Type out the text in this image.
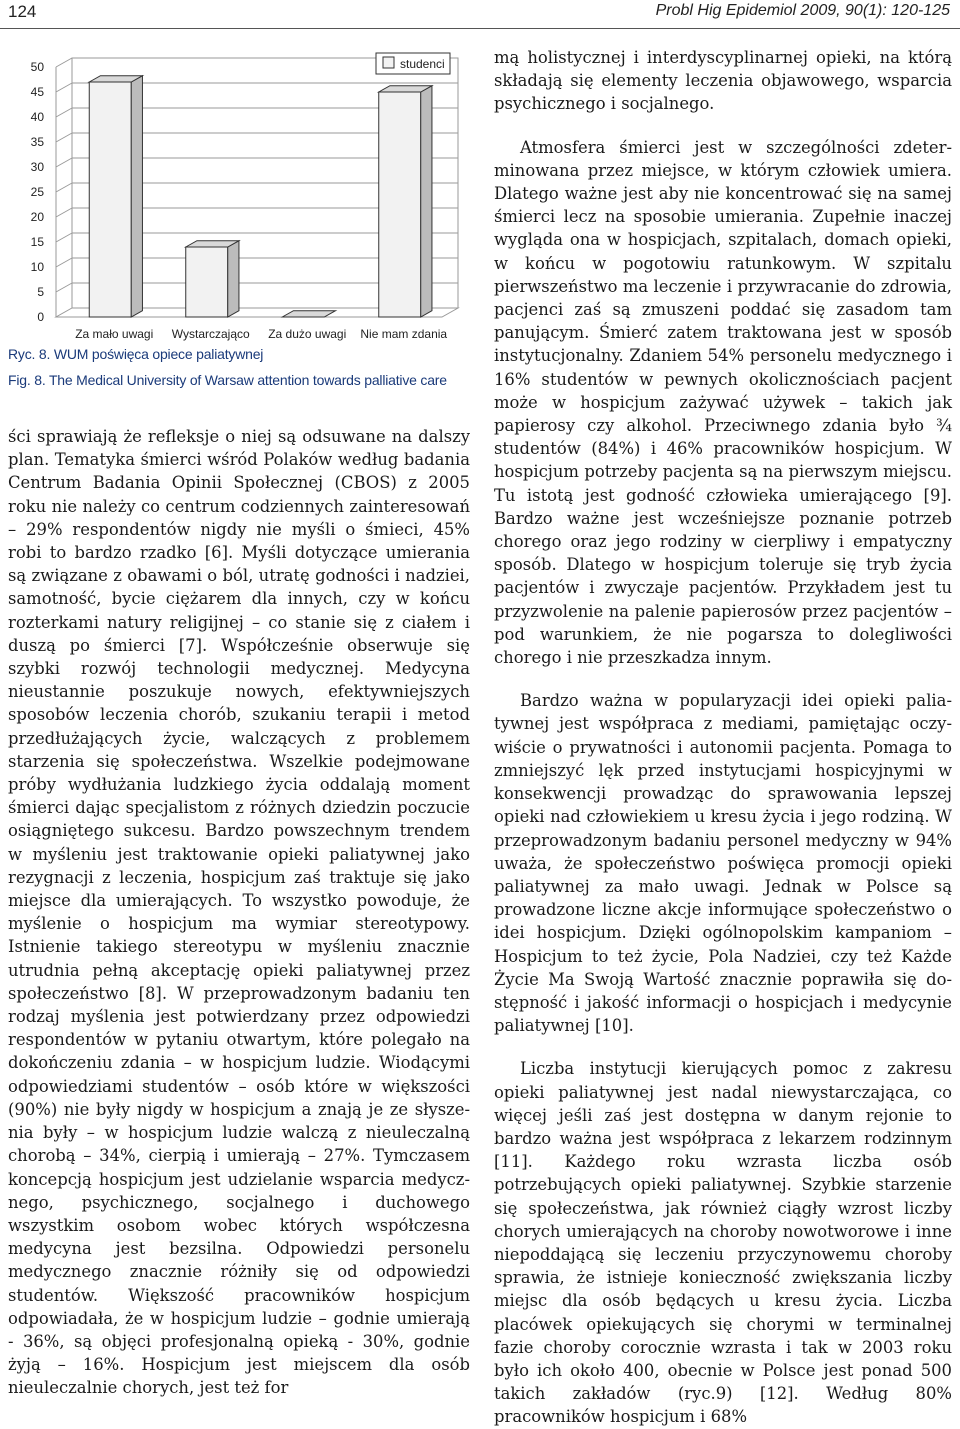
124	Probl Hig Epidemiol 2009, 90(1): 120-125
0
5
10
15
20
25
30
35
40
45
50
Za mało uwagi Wystarczająco Za dużo uwagi Nie mam zdania
studenci
Ryc. 8. WUM poświęca opiece paliatywnej
Fig. 8. The Medical University of Warsaw attention towards palliative care

ści sprawiają że refleksje o niej są odsuwane na dalszy plan. Tematyka śmierci wśród Polaków według badania Centrum Badania Opinii Społecznej (CBOS) z 2005 roku nie należy co centrum codziennych zainteresowań – 29% respondentów nigdy nie myśli o śmieci, 45% robi to bardzo rzadko [6]. Myśli dotyczące umierania są związane z obawami o ból, utratę godności i nadziei, samotność, bycie ciężarem dla innych, czy w końcu rozterkami natury religijnej – co stanie się z ciałem i duszą po śmierci [7]. Współcześnie obserwuje się szybki rozwój technologii medycznej. Medycyna nieustannie poszukuje nowych, efektywniejszych sposobów leczenia chorób, szukaniu terapii i metod przedłużających życie, walczących z problemem starzenia się społeczeństwa. Wszelkie podejmowane próby wydłużania ludzkiego życia oddalają moment śmierci dając specjalistom z różnych dziedzin poczucie osiągniętego sukcesu. Bardzo powszechnym trendem w myśleniu jest traktowanie opieki paliatywnej jako rezygnacji z leczenia, hospicjum zaś traktuje się jako miejsce dla umierających. To wszystko powoduje, że myślenie o hospicjum ma wymiar stereotypowy. Istnienie takiego stereotypu w myśleniu znacznie utrudnia pełną akceptację opieki paliatywnej przez społeczeństwo [8]. W przeprowadzonym badaniu ten rodzaj myślenia jest potwierdzany przez odpowiedzi respondentów w pytaniu otwartym, które polegało na dokończeniu zdania – w hospicjum ludzie. Wiodącymi odpowiedziami studentów – osób które w większości (90%) nie były nigdy w hospicjum a znają je ze słyszenia były – w hospicjum ludzie walczą z nieuleczalną chorobą – 34%, cierpią i umierają – 27%. Tymczasem koncepcją hospicjum jest udzielanie wsparcia medycznego, psychicznego, socjalnego i duchowego wszystkim osobom wobec których współczesna medycyna jest bezsilna. Odpowiedzi personelu medycznego znacznie różniły się od odpowiedzi studentów. Większość pracowników hospicjum odpowiadała, że w hospicjum ludzie – godnie umierają - 36%, są objęci profesjonalną opieką - 30%, godnie żyją – 16%. Hospicjum jest miejscem dla osób nieuleczalnie chorych, jest też for

mą holistycznej i interdyscyplinarnej opieki, na którą składają się elementy leczenia objawowego, wsparcia psychicznego i socjalnego.

Atmosfera śmierci jest w szczególności zdeterminowana przez miejsce, w którym człowiek umiera. Dlatego ważne jest aby nie koncentrować się na samej śmierci lecz na sposobie umierania. Zupełnie inaczej wygląda ona w hospicjach, szpitalach, domach opieki, w końcu w pogotowiu ratunkowym. W szpitalu pierwszeństwo ma leczenie i przywracanie do zdrowia, pacjenci zaś są zmuszeni poddać się zasadom tam panującym. Śmierć zatem traktowana jest w sposób instytucjonalny. Zdaniem 54% personelu medycznego i 16% studentów w pewnych okolicznościach pacjent może w hospicjum zażywać używek – takich jak papierosy czy alkohol. Przeciwnego zdania było ¾ studentów (84%) i 46% pracowników hospicjum. W hospicjum potrzeby pacjenta są na pierwszym miejscu. Tu istotą jest godność człowieka umierającego [9]. Bardzo ważne jest wcześniejsze poznanie potrzeb chorego oraz jego rodziny w cierpliwy i empatyczny sposób. Dlatego w hospicjum toleruje się tryb życia pacjentów i zwyczaje pacjentów. Przykładem jest tu przyzwolenie na palenie papierosów przez pacjentów – pod warunkiem, że nie pogarsza to dolegliwości chorego i nie przeszkadza innym.

Bardzo ważna w popularyzacji idei opieki paliatywnej jest współpraca z mediami, pamiętając oczywiście o prywatności i autonomii pacjenta. Pomaga to zmniejszyć lęk przed instytucjami hospicyjnymi w konsekwencji prowadząc do sprawowania lepszej opieki nad człowiekiem u kresu życia i jego rodziną. W przeprowadzonym badaniu personel medyczny w 94% uważa, że społeczeństwo poświęca promocji opieki paliatywnej za mało uwagi. Jednak w Polsce są prowadzone liczne akcje informujące społeczeństwo o idei hospicjum. Dzięki ogólnopolskim kampaniom – Hospicjum to też życie, Pola Nadziei, czy też Każde Życie Ma Swoją Wartość znacznie poprawiła się dostępność i jakość informacji o hospicjach i medycynie paliatywnej [10].

Liczba instytucji kierujących pomoc z zakresu opieki paliatywnej jest nadal niewystarczająca, co więcej jeśli zaś jest dostępna w danym rejonie to bardzo ważna jest współpraca z lekarzem rodzinnym [11]. Każdego roku wzrasta liczba osób potrzebujących opieki paliatywnej. Szybkie starzenie się społeczeństwa, jak również ciągły wzrost liczby chorych umierających na choroby nowotworowe i inne niepoddającą się leczeniu przyczynowemu choroby sprawia, że istnieje konieczność zwiększania liczby miejsc dla osób będących u kresu życia. Liczba placówek opiekujących się chorymi w terminalnej fazie choroby corocznie wzrasta i tak w 2003 roku było ich około 400, obecnie w Polsce jest ponad 500 takich zakładów (ryc.9) [12]. Według 80% pracowników hospicjum i 68%
